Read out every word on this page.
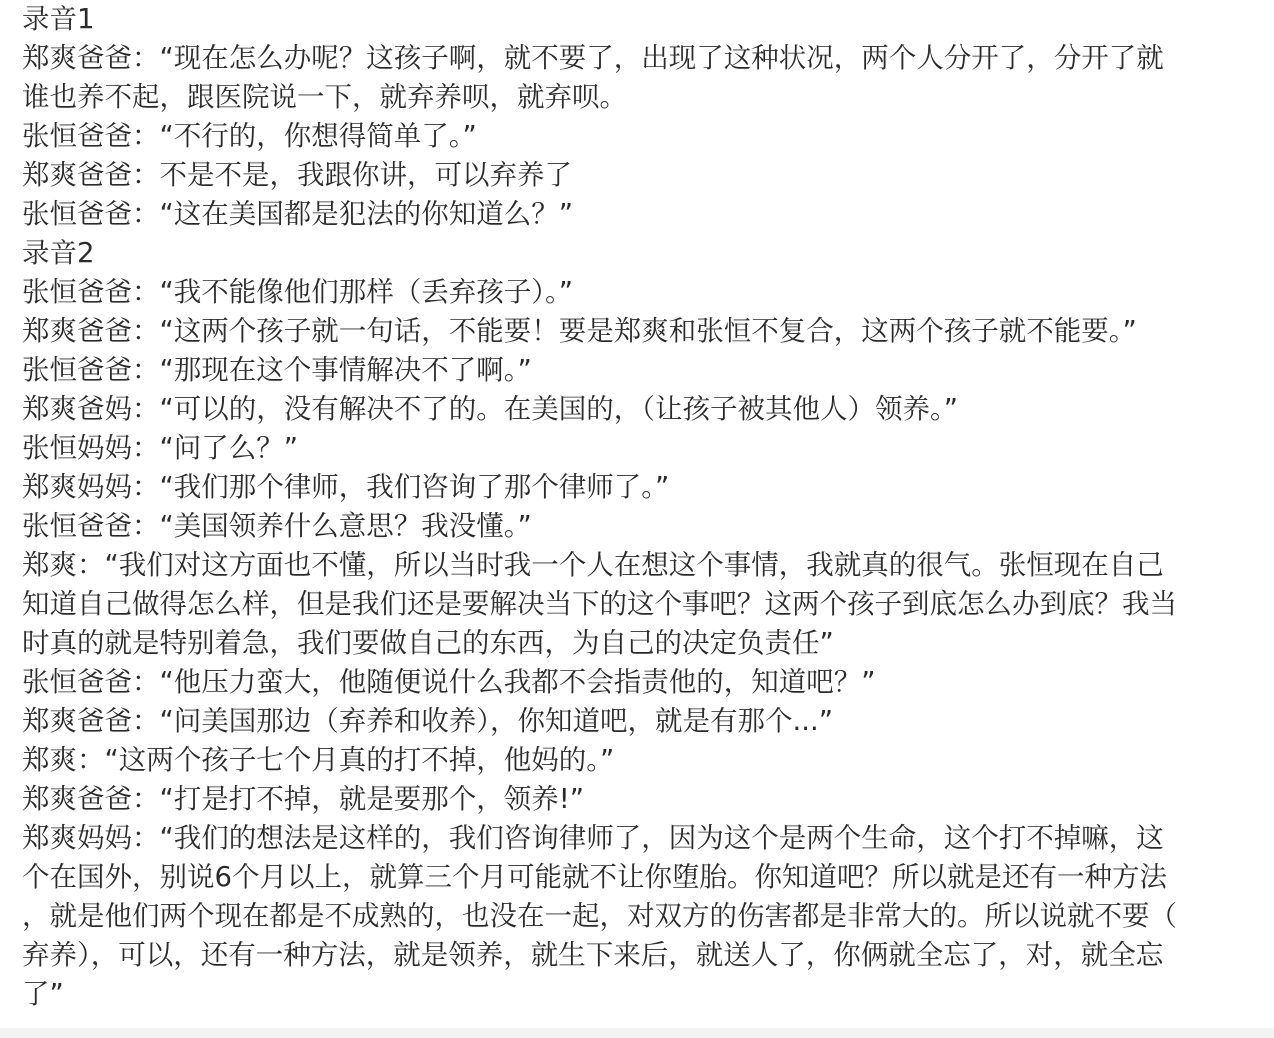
录音1
郑爽爸爸：“现在怎么办呢？这孩子啊，就不要了，出现了这种状况，两个人分开了，分开了就
谁也养不起，跟医院说一下，就弃养呗，就弃呗。
张恒爸爸：“不行的，你想得简单了。”
郑爽爸爸：不是不是，我跟你讲，可以弃养了
张恒爸爸：“这在美国都是犯法的你知道么？”
录音2
张恒爸爸：“我不能像他们那样（丢弃孩子）。”
郑爽爸爸：“这两个孩子就一句话，不能要！要是郑爽和张恒不复合，这两个孩子就不能要。”
张恒爸爸：“那现在这个事情解决不了啊。”
郑爽爸妈：“可以的，没有解决不了的。在美国的，（让孩子被其他人）领养。”
张恒妈妈：“问了么？”
郑爽妈妈：“我们那个律师，我们咨询了那个律师了。”
张恒爸爸：“美国领养什么意思？我没懂。”
郑爽：“我们对这方面也不懂，所以当时我一个人在想这个事情，我就真的很气。张恒现在自己
知道自己做得怎么样，但是我们还是要解决当下的这个事吧？这两个孩子到底怎么办到底？我当
时真的就是特别着急，我们要做自己的东西，为自己的决定负责任”
张恒爸爸：“他压力蛮大，他随便说什么我都不会指责他的，知道吧？”
郑爽爸爸：“问美国那边（弃养和收养），你知道吧，就是有那个...”
郑爽：“这两个孩子七个月真的打不掉，他妈的。”
郑爽爸爸：“打是打不掉，就是要那个，领养!”
郑爽妈妈：“我们的想法是这样的，我们咨询律师了，因为这个是两个生命，这个打不掉嘛，这
个在国外，别说6个月以上，就算三个月可能就不让你堕胎。你知道吧？所以就是还有一种方法
，就是他们两个现在都是不成熟的，也没在一起，对双方的伤害都是非常大的。所以说就不要（
弃养），可以，还有一种方法，就是领养，就生下来后，就送人了，你俩就全忘了，对，就全忘
了”
